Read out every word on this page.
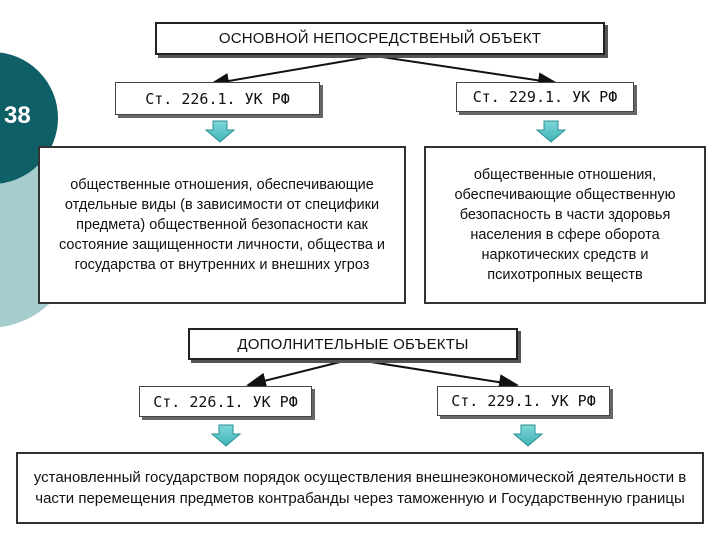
38
ОСНОВНОЙ НЕПОСРЕДСТВЕНЫЙ ОБЪЕКТ
Ст. 226.1. УК РФ	Ст. 229.1. УК РФ
общественные отношения, обеспечивающие отдельные виды (в зависимости от специфики предмета) общественной безопасности как состояние защищенности личности, общества и государства от внутренних и внешних угроз
общественные отношения, обеспечивающие общественную безопасность в части здоровья населения в сфере оборота наркотических средств и психотропных веществ
ДОПОЛНИТЕЛЬНЫЕ ОБЪЕКТЫ
Ст. 226.1. УК РФ	Ст. 229.1. УК РФ
установленный государством порядок осуществления внешнеэкономической деятельности в части перемещения предметов контрабанды через таможенную и Государственную границы
